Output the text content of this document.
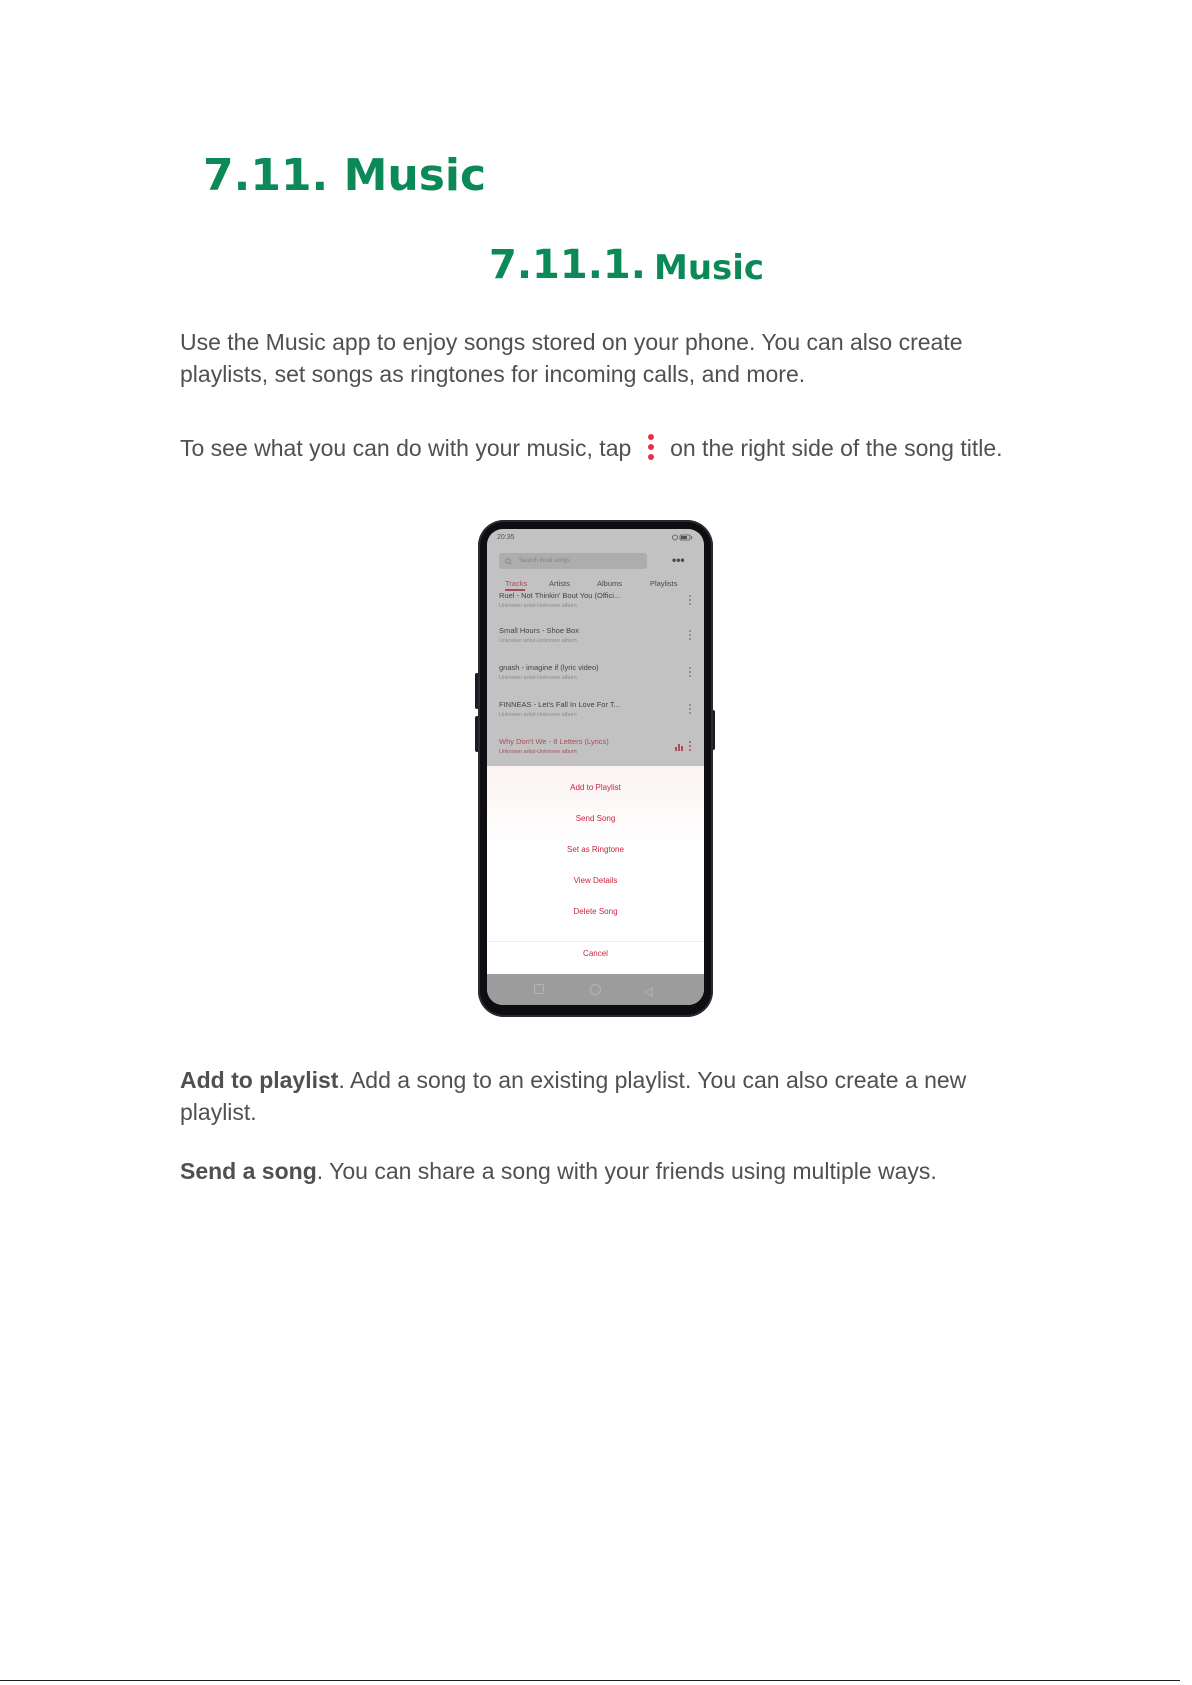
7.11. Music
7.11.1. Music
Use the Music app to enjoy songs stored on your phone. You can also create playlists, set songs as ringtones for incoming calls, and more.
To see what you can do with your music, tap on the right side of the song title.
20:35
Search local songs	•••
Tracks	Artists	Albums	Playlists
Ruel - Not Thinkin' Bout You (Offici...
Unknown artist-Unknown album
Small Hours - Shoe Box
Unknown artist-Unknown album
gnash - imagine if (lyric video)
Unknown artist-Unknown album
FINNEAS - Let's Fall In Love For T...
Unknown artist-Unknown album
Why Don't We - 8 Letters (Lyrics)
Unknown artist-Unknown album
Add to Playlist
Send Song
Set as Ringtone
View Details
Delete Song
Cancel
Add to playlist. Add a song to an existing playlist. You can also create a new playlist.
Send a song. You can share a song with your friends using multiple ways.
